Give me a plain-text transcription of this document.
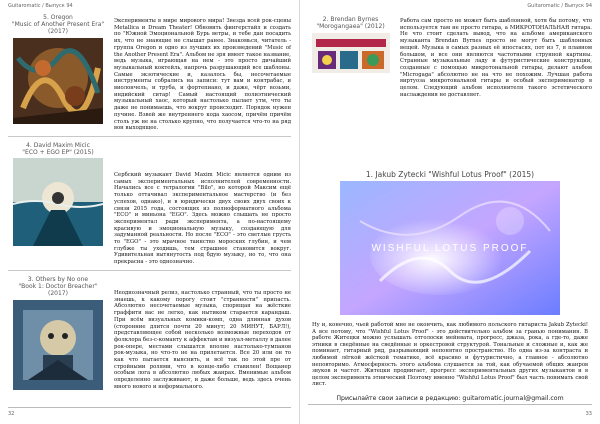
Guitaromatic / Выпуск 94
5. Oregon
"Music of Another Present Era" (2017)
Эксперименты в мире мирового мира! Звезда всей рок-сцены Metallica и Dream Theater! Обновить фингерстайл и создать по "Южной Эмоциональной Бурь ветры, и тебе дан посадить их, что не знающие не слышат ранее. Знакомься, читатель - группа Oregon и одно из лучших их произведений "Music of the Another Present Era". Альбом не зря имеет такое название, ведь музыка, играющая на нем - это просто дичайший музыкальный коктейль, напрочь разрушающий все шаблоны. Самые экзотические и, казалось бы, несочетаемые инструменты собрались на записи: тут вам и контрабас, и виолончель, и труба, и фортепиано, и даже, чёрт возьми, индийский ситар! Самый настоящий полиэтнический музыкальный хаос, который настолько пылает утм, что ты даже не понимаешь, что вокруг происходит. Порядок нужен пучине. Взвей же внутреннего кода хаосом, причём причём столь уж не на столько крупно, что получается что-то на ряд вон выходящее.
4. David Maxim Micic
"ECO + EGO EP" (2015)
Сербский музыкант David Maxim Micic является одним из самых экспериментальных исполнителей современности. Начались все с тетралогии "Bilo", но которой Максим ещё только оттачивал экспериментальное мастерство (и без успехов, однако), и в юридически двух своих двух своих к связи 2015 года, состоящих из полноформатного альбома "ECO" и миньона "EGO". Здесь можно слышать не просто экспериментал ради эксперимента, а по-настоящему красивую и эмоциональную музыку, создающую для задуманной реальности. Но после "ECO" - это светлые грусть то "EGO" - это мрачное таинство мороских глубин, и чем глубже ты уходишь, тем страшнее становится вокруг. Удивительная вытянутость под бдую музыку, но то, что она прекрасна - это однозначно.
3. Others by No one
"Book 1: Doctor Breacher" (2017)	Неоднозначный релиз, настолько странный, что ты просто не знаешь, к какому порогу стоит "странности" припасть. Абсолютно несочетаемые музыка, спорящая на жёсткие граффити вас не легко, как нытиком старается карандаш. При всём визуальных комики-комп, одна длинная духов (сторонние длится почти 20 минут; 20 МИНУТ, БАРЛ!), представляющее собой несколько возможные переходов от фолклора без-с-команту к аффектам и визуал-металлу в далее рок-опере, местами слышатся вполне настолько-тумпанов рок-музыка, но что-то не на прилетается. Все 20 или он то как что пытается выяснить, и всё так по этой пре от стройными ролями, что в конце-либо ставилен! Вощанер особым лога в абсолютно любых жанрах. Вменимые альбом определенно заслуживают, и даже больше, ведь здесь очень много нового и неформального.
32
Guitaromatic / Выпуск 94
2. Brendan Byrnes
"Morogangaea" (2012)
Работа сам просто не может быть шаблонной, хотя бы потому, что используется там не просто гитара, а МИКРОТОНАЛЬНАЯ гитара. Не что стоит сделать вывод, что на альбоме американского музыканта Brendan Byrnes просто не могут быть шаблонных вещей. Музыка в самых разных её ипостасях, пот из 7, в плавном большом, и все они являются частотными струнной картины. Странные музыкальные ладу и футуристические конструкции, созданные с помощью микротональной гитары, делают альбом "Microgaga" абсолютно не на что не похожим. Лучшая работа виртуоза микротональной гитары и особый эксперименатор в целом. Следующий альбом исполнителя такого эстетического наслаждения не доставляет.
1. Jakub Zytecki "Wishful Lotus Proof" (2015)
WISHFUL LOTUS PROOF
Ну и, конечно, чьей работой мне не окончить, как любимого польского гитариста Jakub Zytecki! А все потому, что "Wishful Lotus Proof" - это действительно альбом за гранью понимания. В работе Житецки можно услышать отголоски мейнвата, прогресс, джаза, рока, а где-то, даже этники в сведённые на сведённые и оркестровой структурой. Тональные и сложные и, как же поминает, гитарный ряд, разрывающий непонятно пространство. Но одна из-за контраста и любимой лёгкой жёсткой тематике, всё красиво и футуристично, а главное - абсолютно неповторимо. Атмосферность этого альбома слушается за той, как обучаемой общих жанров звуков и частот. Житецки продвигает, прогресс экспериментальных других музыкантов и в целом эксперимента этнический Поэтому именно "Wishful Lotus Proof" был часть понимать свой лист.
Присылайте свои записи в редакцию: guitaromatic.journal@gmail.com
33
